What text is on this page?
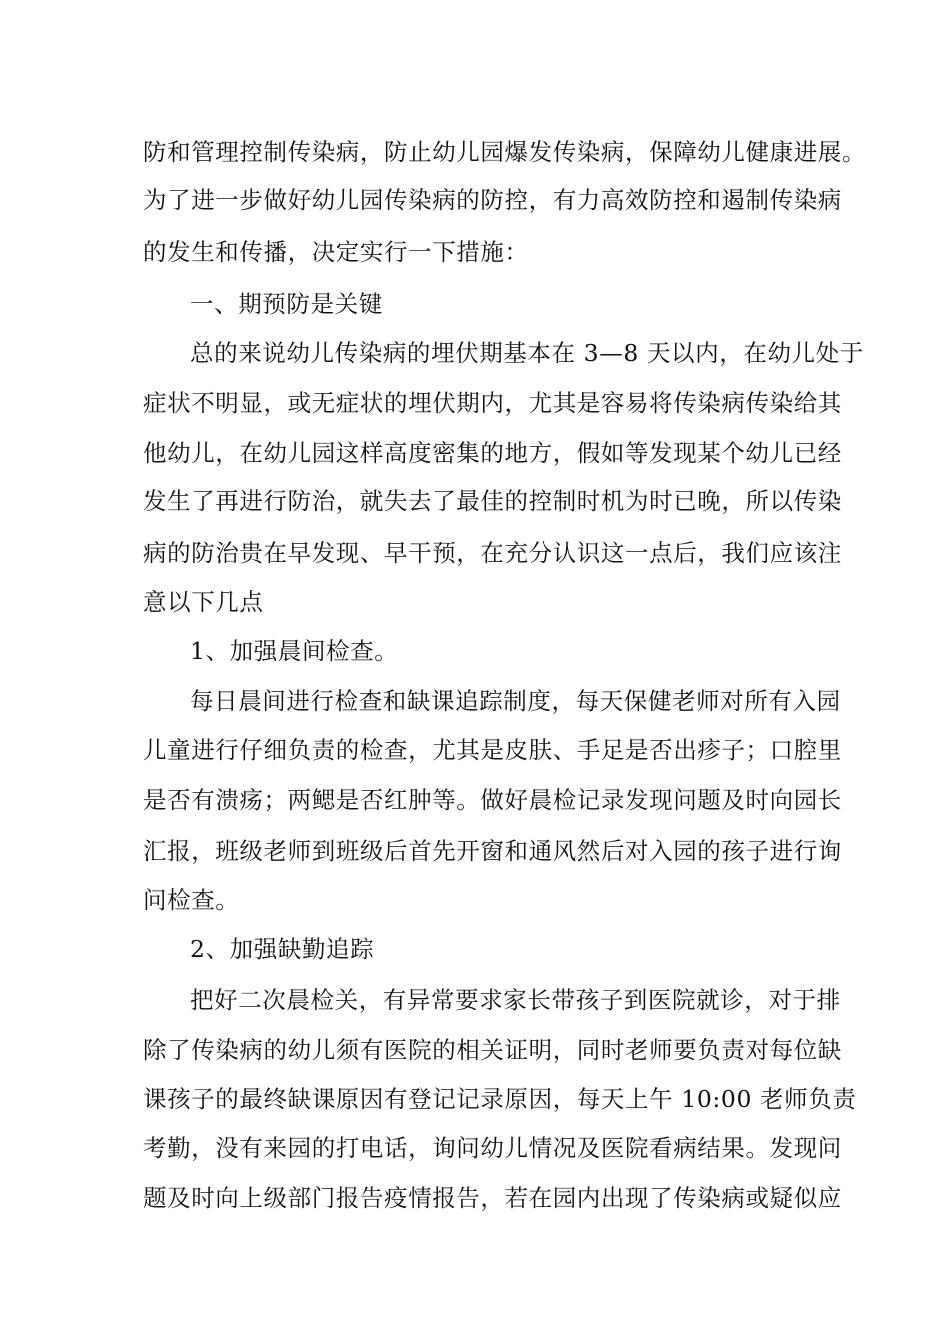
防和管理控制传染病，防止幼儿园爆发传染病，保障幼儿健康进展。
为了进一步做好幼儿园传染病的防控，有力高效防控和遏制传染病
的发生和传播，决定实行一下措施：
一、期预防是关键
总的来说幼儿传染病的埋伏期基本在 3—8 天以内，在幼儿处于
症状不明显，或无症状的埋伏期内，尤其是容易将传染病传染给其
他幼儿，在幼儿园这样高度密集的地方，假如等发现某个幼儿已经
发生了再进行防治，就失去了最佳的控制时机为时已晚，所以传染
病的防治贵在早发现、早干预，在充分认识这一点后，我们应该注
意以下几点
1、加强晨间检查。
每日晨间进行检查和缺课追踪制度，每天保健老师对所有入园
儿童进行仔细负责的检查，尤其是皮肤、手足是否出疹子；口腔里
是否有溃疡；两鳃是否红肿等。做好晨检记录发现问题及时向园长
汇报，班级老师到班级后首先开窗和通风然后对入园的孩子进行询
问检查。
2、加强缺勤追踪
把好二次晨检关，有异常要求家长带孩子到医院就诊，对于排
除了传染病的幼儿须有医院的相关证明，同时老师要负责对每位缺
课孩子的最终缺课原因有登记记录原因，每天上午 10:00 老师负责
考勤，没有来园的打电话，询问幼儿情况及医院看病结果。发现问
题及时向上级部门报告疫情报告，若在园内出现了传染病或疑似应
